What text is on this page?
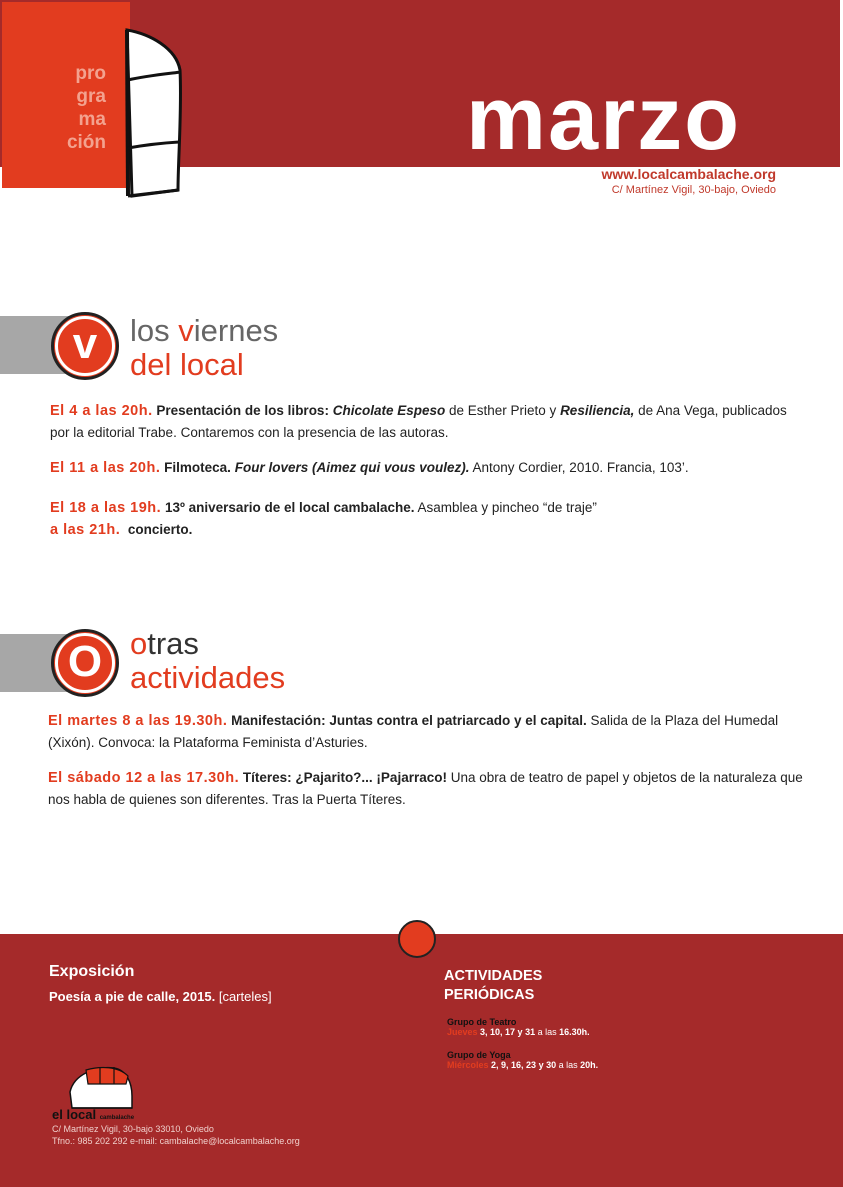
pro
gra
ma
ción	marzo
www.localcambalache.org
C/ Martínez Vigil, 30-bajo, Oviedo
v	los viernes
del local
El 4 a las 20h. Presentación de los libros: Chicolate Espeso de Esther Prieto y Resiliencia, de Ana Vega, publicados por la editorial Trabe. Contaremos con la presencia de las autoras.
El 11 a las 20h. Filmoteca. Four lovers (Aimez qui vous voulez). Antony Cordier, 2010. Francia, 103’.
El 18 a las 19h. 13º aniversario de el local cambalache. Asamblea y pincheo “de traje”
a las 21h. concierto.
O otras
actividades
El martes 8 a las 19.30h. Manifestación: Juntas contra el patriarcado y el capital. Salida de la Plaza del Humedal (Xixón). Convoca: la Plataforma Feminista d’Asturies.
El sábado 12 a las 17.30h. Títeres: ¿Pajarito?... ¡Pajarraco! Una obra de teatro de papel y objetos de la naturaleza que nos habla de quienes son diferentes. Tras la Puerta Títeres.
Exposición
Poesía a pie de calle, 2015. [carteles]
ACTIVIDADES
PERIÓDICAS
Grupo de Teatro
Jueves 3, 10, 17 y 31 a las 16.30h.
Grupo de Yoga
Miércoles 2, 9, 16, 23 y 30 a las 20h.
el local cambalache
C/ Martínez Vigil, 30-bajo 33010, Oviedo
Tfno.: 985 202 292 e-mail: cambalache@localcambalache.org
